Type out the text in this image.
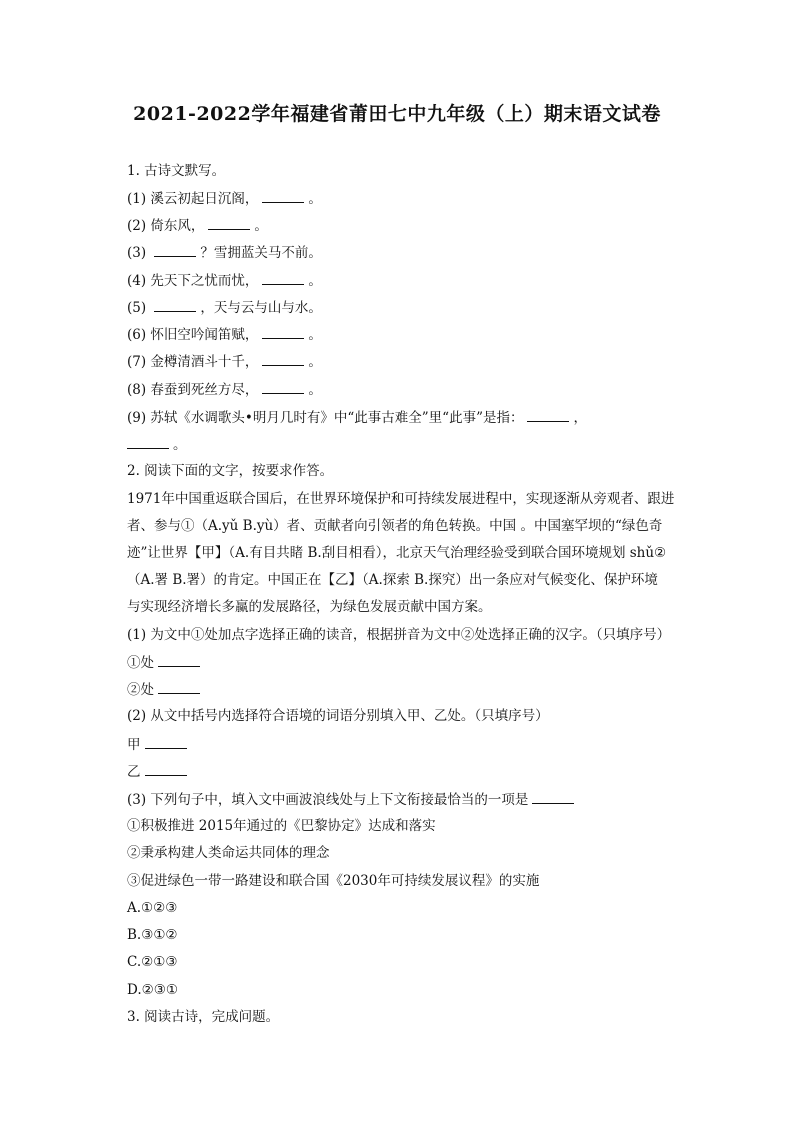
2021-2022学年福建省莆田七中九年级（上）期末语文试卷
1. 古诗文默写。
(1) 溪云初起日沉阁，	。
(2) 倚东风，	。
(3)	？雪拥蓝关马不前。
(4) 先天下之忧而忧，	。
(5)	，天与云与山与水。
(6) 怀旧空吟闻笛赋，	。
(7) 金樽清酒斗十千，	。
(8) 春蚕到死丝方尽，	。
(9) 苏轼《水调歌头•明月几时有》中“此事古难全”里“此事”是指：	，
。
2. 阅读下面的文字，按要求作答。
1971年中国重返联合国后，在世界环境保护和可持续发展进程中，实现逐渐从旁观者、跟进
者、参与①（A.yǔ B.yù）者、贡献者向引领者的角色转换。中国 。中国塞罕坝的“绿色奇
迹”让世界【甲】（A.有目共睹 B.刮目相看），北京天气治理经验受到联合国环境规划 shǔ②
（A.署 B.署）的肯定。中国正在【乙】（A.探索 B.探究）出一条应对气候变化、保护环境
与实现经济增长多赢的发展路径，为绿色发展贡献中国方案。
(1) 为文中①处加点字选择正确的读音，根据拼音为文中②处选择正确的汉字。（只填序号）
①处
②处
(2) 从文中括号内选择符合语境的词语分别填入甲、乙处。（只填序号）
甲
乙
(3) 下列句子中，填入文中画波浪线处与上下文衔接最恰当的一项是
①积极推进 2015年通过的《巴黎协定》达成和落实
②秉承构建人类命运共同体的理念
③促进绿色一带一路建设和联合国《2030年可持续发展议程》的实施
A.①②③
B.③①②
C.②①③
D.②③①
3. 阅读古诗，完成问题。
